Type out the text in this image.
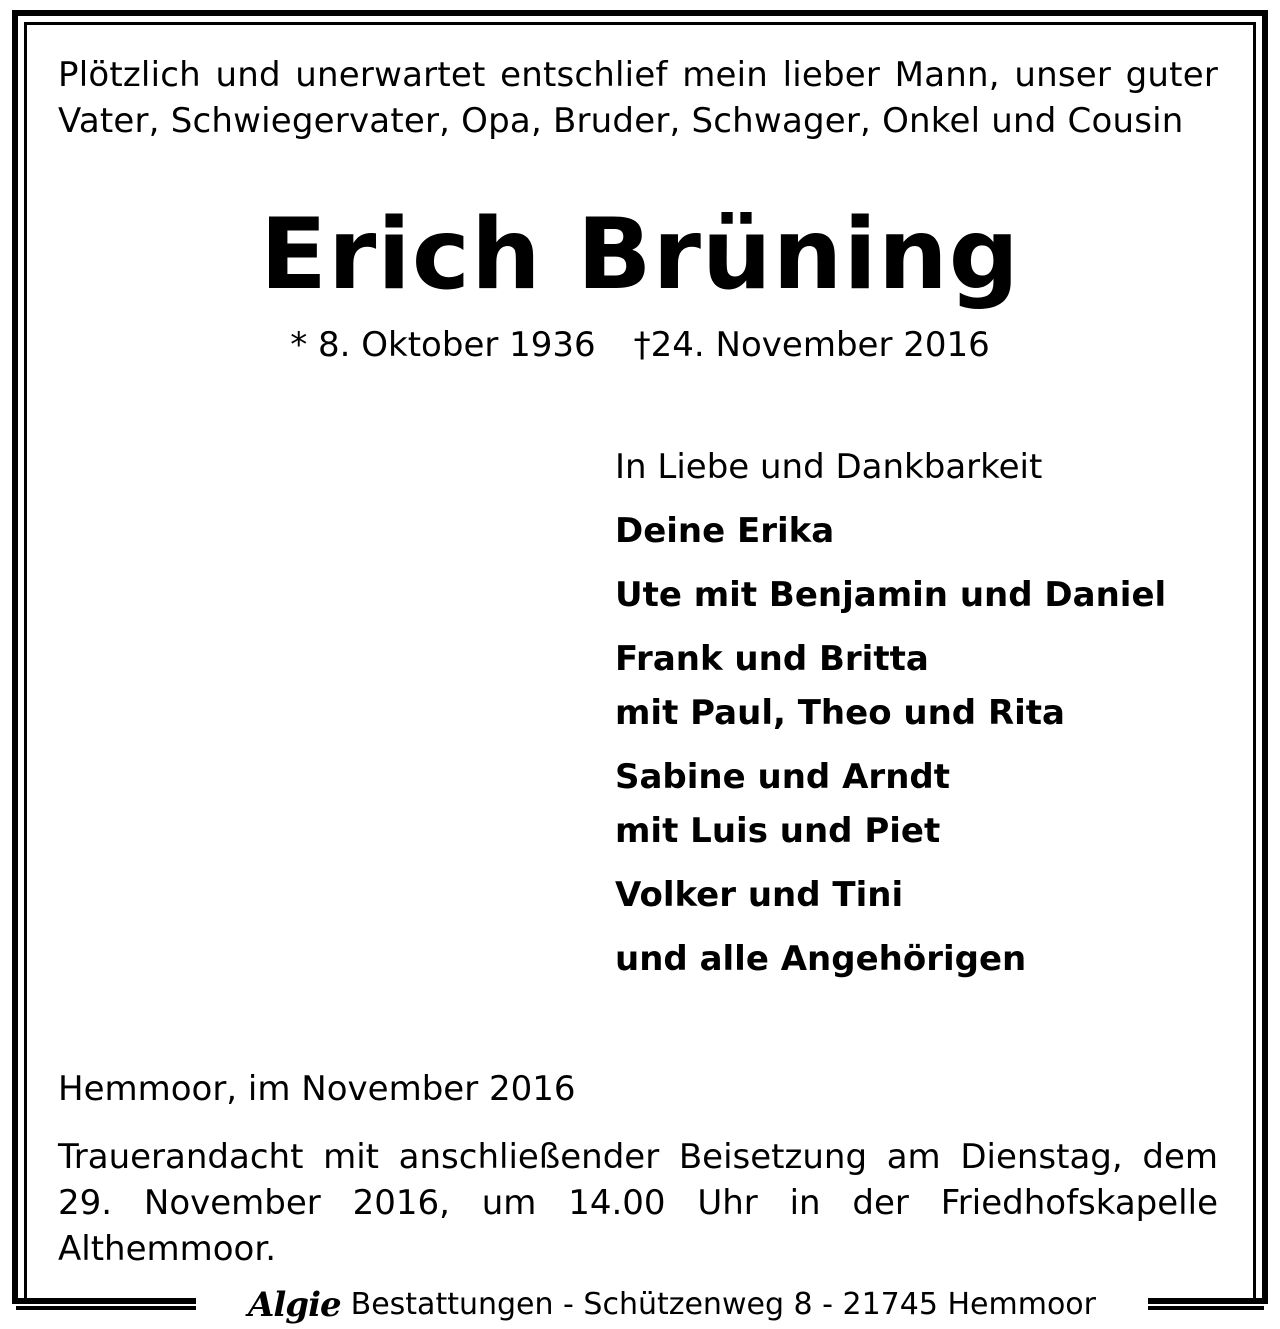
Plötzlich und unerwartet entschlief mein lieber Mann, unser guter Vater, Schwiegervater, Opa, Bruder, Schwager, Onkel und Cousin
Erich Brüning
* 8. Oktober 1936 †24. November 2016
In Liebe und Dankbarkeit
Deine Erika
Ute mit Benjamin und Daniel
Frank und Britta
mit Paul, Theo und Rita
Sabine und Arndt
mit Luis und Piet
Volker und Tini
und alle Angehörigen
Hemmoor, im November 2016
Trauerandacht mit anschließender Beisetzung am Dienstag, dem 29. November 2016, um 14.00 Uhr in der Friedhofskapelle Althemmoor.
Algie Bestattungen - Schützenweg 8 - 21745 Hemmoor
